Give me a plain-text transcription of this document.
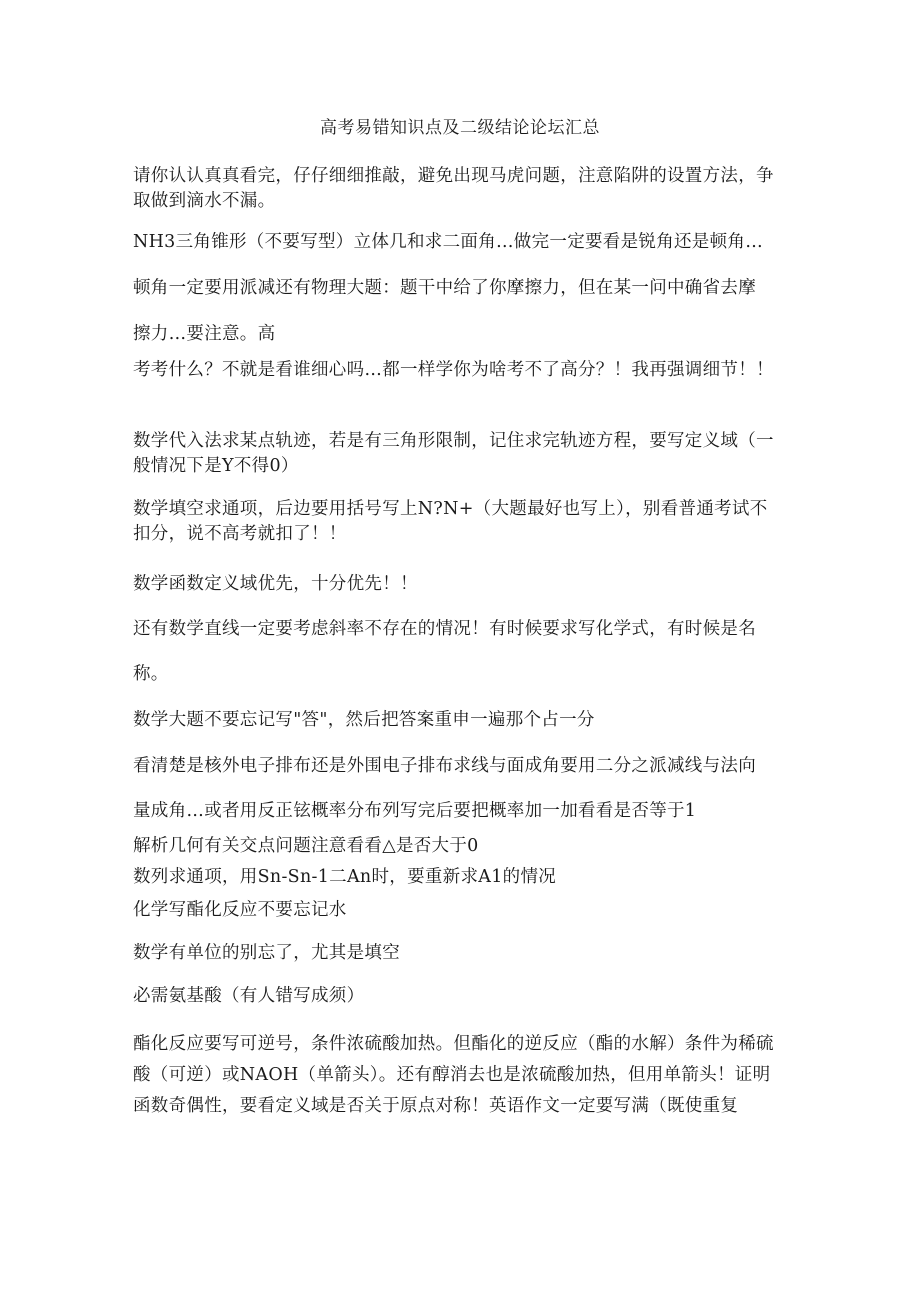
高考易错知识点及二级结论论坛汇总
请你认认真真看完，仔仔细细推敲，避免出现马虎问题，注意陷阱的设置方法，争取做到滴水不漏。
NH3三角锥形（不要写型）立体几和求二面角…做完一定要看是锐角还是顿角…
顿角一定要用派减还有物理大题：题干中给了你摩擦力，但在某一问中确省去摩
擦力…要注意。高
考考什么？不就是看谁细心吗…都一样学你为啥考不了高分？！我再强调细节！！
数学代入法求某点轨迹，若是有三角形限制，记住求完轨迹方程，要写定义域（一般情况下是Y不得0）
数学填空求通项，后边要用括号写上N?N+（大题最好也写上），别看普通考试不扣分，说不高考就扣了！！
数学函数定义域优先，十分优先！！
还有数学直线一定要考虑斜率不存在的情况！有时候要求写化学式，有时候是名
称。
数学大题不要忘记写"答"，然后把答案重申一遍那个占一分
看清楚是核外电子排布还是外围电子排布求线与面成角要用二分之派减线与法向
量成角…或者用反正铉概率分布列写完后要把概率加一加看看是否等于1
解析几何有关交点问题注意看看△是否大于0
数列求通项，用Sn-Sn-1二An时，要重新求A1的情况
化学写酯化反应不要忘记水
数学有单位的别忘了，尤其是填空
必需氨基酸（有人错写成须）
酯化反应要写可逆号，条件浓硫酸加热。但酯化的逆反应（酯的水解）条件为稀硫酸（可逆）或NAOH（单箭头）。还有醇消去也是浓硫酸加热，但用单箭头！证明函数奇偶性，要看定义域是否关于原点对称！英语作文一定要写满（既使重复
